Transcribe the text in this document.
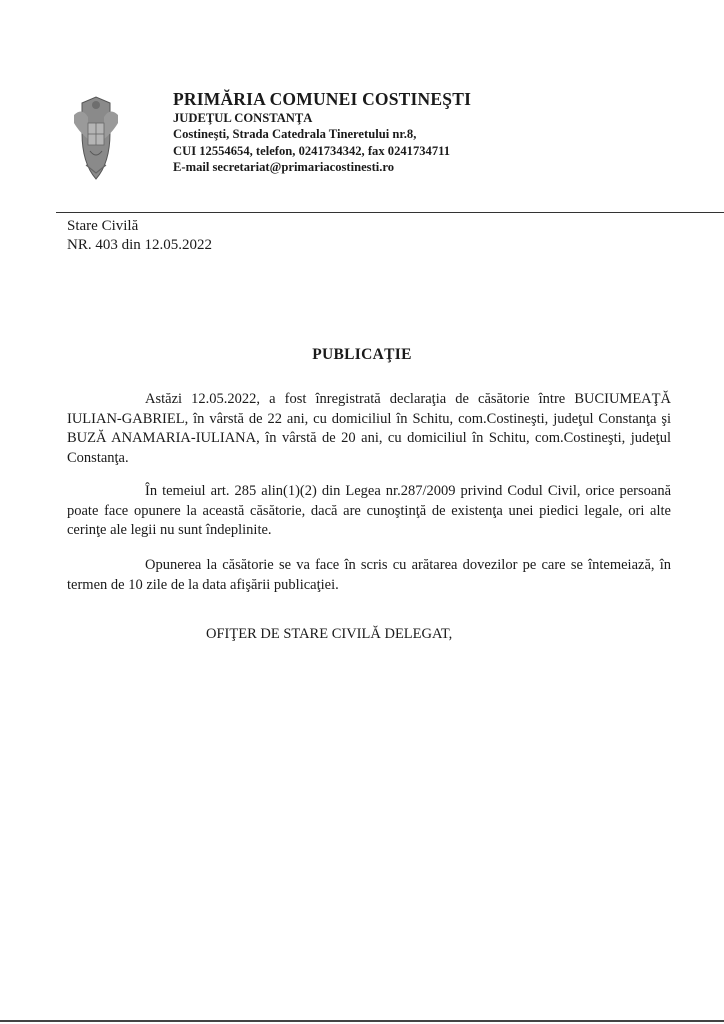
PRIMĂRIA COMUNEI COSTINEŞTI
JUDEŢUL CONSTANŢA
Costineşti, Strada Catedrala Tineretului nr.8,
CUI 12554654, telefon, 0241734342, fax 0241734711
E-mail secretariat@primariacostinesti.ro
Stare Civilă
NR. 403 din 12.05.2022
PUBLICAŢIE
Astăzi 12.05.2022, a fost înregistrată declaraţia de căsătorie între BUCIUMEAŢĂ IULIAN-GABRIEL, în vârstă de 22 ani, cu domiciliul în Schitu, com.Costineşti, judeţul Constanţa şi BUZĂ ANAMARIA-IULIANA, în vârstă de 20 ani, cu domiciliul în Schitu, com.Costineşti, judeţul Constanţa.
În temeiul art. 285 alin(1)(2) din Legea nr.287/2009 privind Codul Civil, orice persoană poate face opunere la această căsătorie, dacă are cunoştinţă de existenţa unei piedici legale, ori alte cerinţe ale legii nu sunt îndeplinite.
Opunerea la căsătorie se va face în scris cu arătarea dovezilor pe care se întemeiază, în termen de 10 zile de la data afişării publicaţiei.
OFIŢER DE STARE CIVILĂ DELEGAT,
